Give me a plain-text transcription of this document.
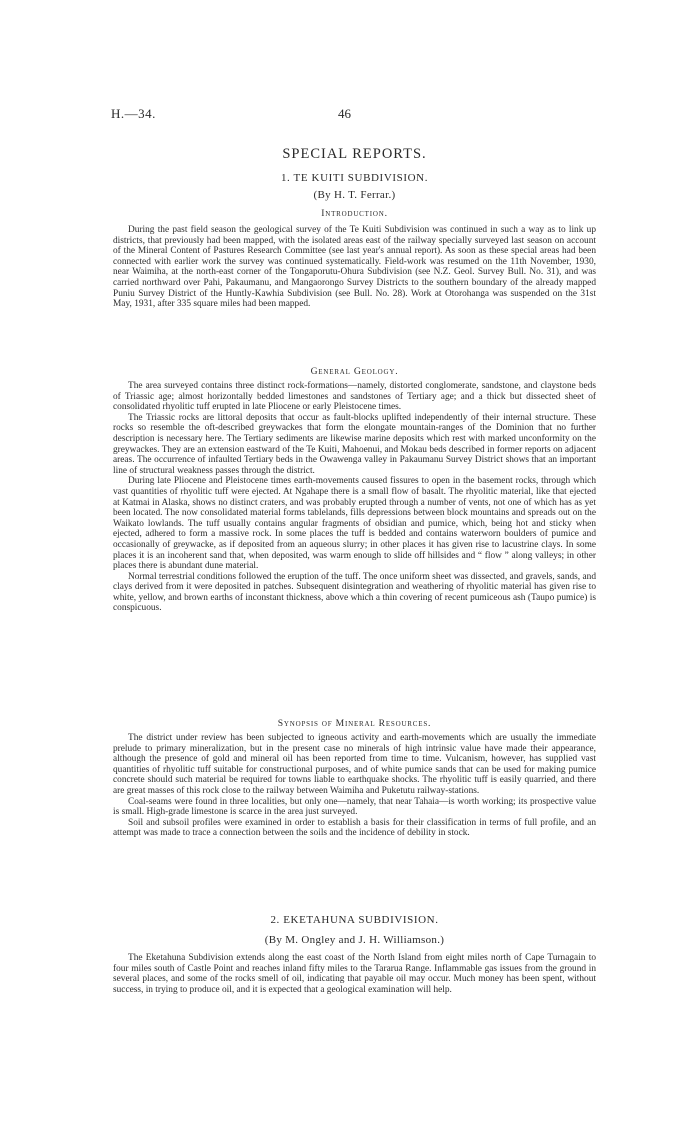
H.—34.	46
SPECIAL REPORTS.
1. TE KUITI SUBDIVISION.
(By H. T. Ferrar.)
Introduction.

During the past field season the geological survey of the Te Kuiti Subdivision was continued in such a way as to link up districts, that previously had been mapped, with the isolated areas east of the railway specially surveyed last season on account of the Mineral Content of Pastures Research Committee (see last year's annual report). As soon as these special areas had been connected with earlier work the survey was continued systematically. Field-work was resumed on the 11th November, 1930, near Waimiha, at the north-east corner of the Tongaporutu-Ohura Subdivision (see N.Z. Geol. Survey Bull. No. 31), and was carried northward over Pahi, Pakaumanu, and Mangaorongo Survey Districts to the southern boundary of the already mapped Puniu Survey District of the Huntly-Kawhia Subdivision (see Bull. No. 28). Work at Otorohanga was suspended on the 31st May, 1931, after 335 square miles had been mapped.

General Geology.

The area surveyed contains three distinct rock-formations—namely, distorted conglomerate, sandstone, and claystone beds of Triassic age; almost horizontally bedded limestones and sandstones of Tertiary age; and a thick but dissected sheet of consolidated rhyolitic tuff erupted in late Pliocene or early Pleistocene times.

The Triassic rocks are littoral deposits that occur as fault-blocks uplifted independently of their internal structure. These rocks so resemble the oft-described greywackes that form the elongate mountain-ranges of the Dominion that no further description is necessary here. The Tertiary sediments are likewise marine deposits which rest with marked unconformity on the greywackes. They are an extension eastward of the Te Kuiti, Mahoenui, and Mokau beds described in former reports on adjacent areas. The occurrence of infaulted Tertiary beds in the Owawenga valley in Pakaumanu Survey District shows that an important line of structural weakness passes through the district.

During late Pliocene and Pleistocene times earth-movements caused fissures to open in the basement rocks, through which vast quantities of rhyolitic tuff were ejected. At Ngahape there is a small flow of basalt. The rhyolitic material, like that ejected at Katmai in Alaska, shows no distinct craters, and was probably erupted through a number of vents, not one of which has as yet been located. The now consolidated material forms tablelands, fills depressions between block mountains and spreads out on the Waikato lowlands. The tuff usually contains angular fragments of obsidian and pumice, which, being hot and sticky when ejected, adhered to form a massive rock. In some places the tuff is bedded and contains waterworn boulders of pumice and occasionally of greywacke, as if deposited from an aqueous slurry; in other places it has given rise to lacustrine clays. In some places it is an incoherent sand that, when deposited, was warm enough to slide off hillsides and “ flow ” along valleys; in other places there is abundant dune material.

Normal terrestrial conditions followed the eruption of the tuff. The once uniform sheet was dissected, and gravels, sands, and clays derived from it were deposited in patches. Subsequent disintegration and weathering of rhyolitic material has given rise to white, yellow, and brown earths of inconstant thickness, above which a thin covering of recent pumiceous ash (Taupo pumice) is conspicuous.

Synopsis of Mineral Resources.

The district under review has been subjected to igneous activity and earth-movements which are usually the immediate prelude to primary mineralization, but in the present case no minerals of high intrinsic value have made their appearance, although the presence of gold and mineral oil has been reported from time to time. Vulcanism, however, has supplied vast quantities of rhyolitic tuff suitable for constructional purposes, and of white pumice sands that can be used for making pumice concrete should such material be required for towns liable to earthquake shocks. The rhyolitic tuff is easily quarried, and there are great masses of this rock close to the railway between Waimiha and Puketutu railway-stations.

Coal-seams were found in three localities, but only one—namely, that near Tahaia—is worth working; its prospective value is small. High-grade limestone is scarce in the area just surveyed.

Soil and subsoil profiles were examined in order to establish a basis for their classification in terms of full profile, and an attempt was made to trace a connection between the soils and the incidence of debility in stock.

2. EKETAHUNA SUBDIVISION.
(By M. Ongley and J. H. Williamson.)

The Eketahuna Subdivision extends along the east coast of the North Island from eight miles north of Cape Turnagain to four miles south of Castle Point and reaches inland fifty miles to the Tararua Range. Inflammable gas issues from the ground in several places, and some of the rocks smell of oil, indicating that payable oil may occur. Much money has been spent, without success, in trying to produce oil, and it is expected that a geological examination will help.
